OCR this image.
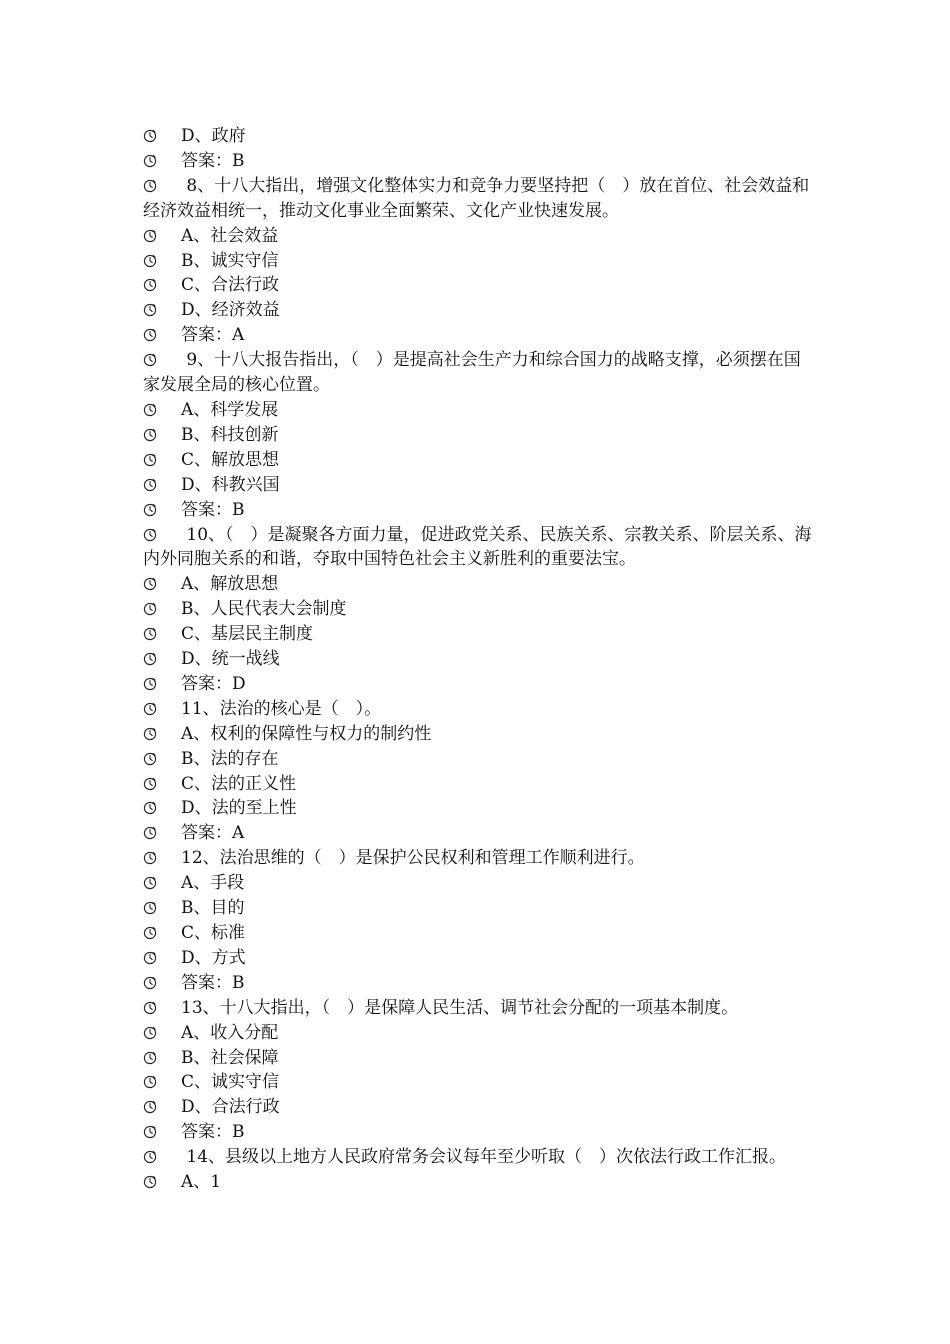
D、政府
答案：B
8、十八大指出，增强文化整体实力和竞争力要坚持把（　）放在首位、社会效益和经济效益相统一，推动文化事业全面繁荣、文化产业快速发展。
A、社会效益
B、诚实守信
C、合法行政
D、经济效益
答案：A
9、十八大报告指出，（　）是提高社会生产力和综合国力的战略支撑，必须摆在国家发展全局的核心位置。
A、科学发展
B、科技创新
C、解放思想
D、科教兴国
答案：B
10、（　）是凝聚各方面力量，促进政党关系、民族关系、宗教关系、阶层关系、海内外同胞关系的和谐，夺取中国特色社会主义新胜利的重要法宝。
A、解放思想
B、人民代表大会制度
C、基层民主制度
D、统一战线
答案：D
11、法治的核心是（　）。
A、权利的保障性与权力的制约性
B、法的存在
C、法的正义性
D、法的至上性
答案：A
12、法治思维的（　）是保护公民权利和管理工作顺利进行。
A、手段
B、目的
C、标准
D、方式
答案：B
13、十八大指出，（　）是保障人民生活、调节社会分配的一项基本制度。
A、收入分配
B、社会保障
C、诚实守信
D、合法行政
答案：B
14、县级以上地方人民政府常务会议每年至少听取（　）次依法行政工作汇报。
A、1
